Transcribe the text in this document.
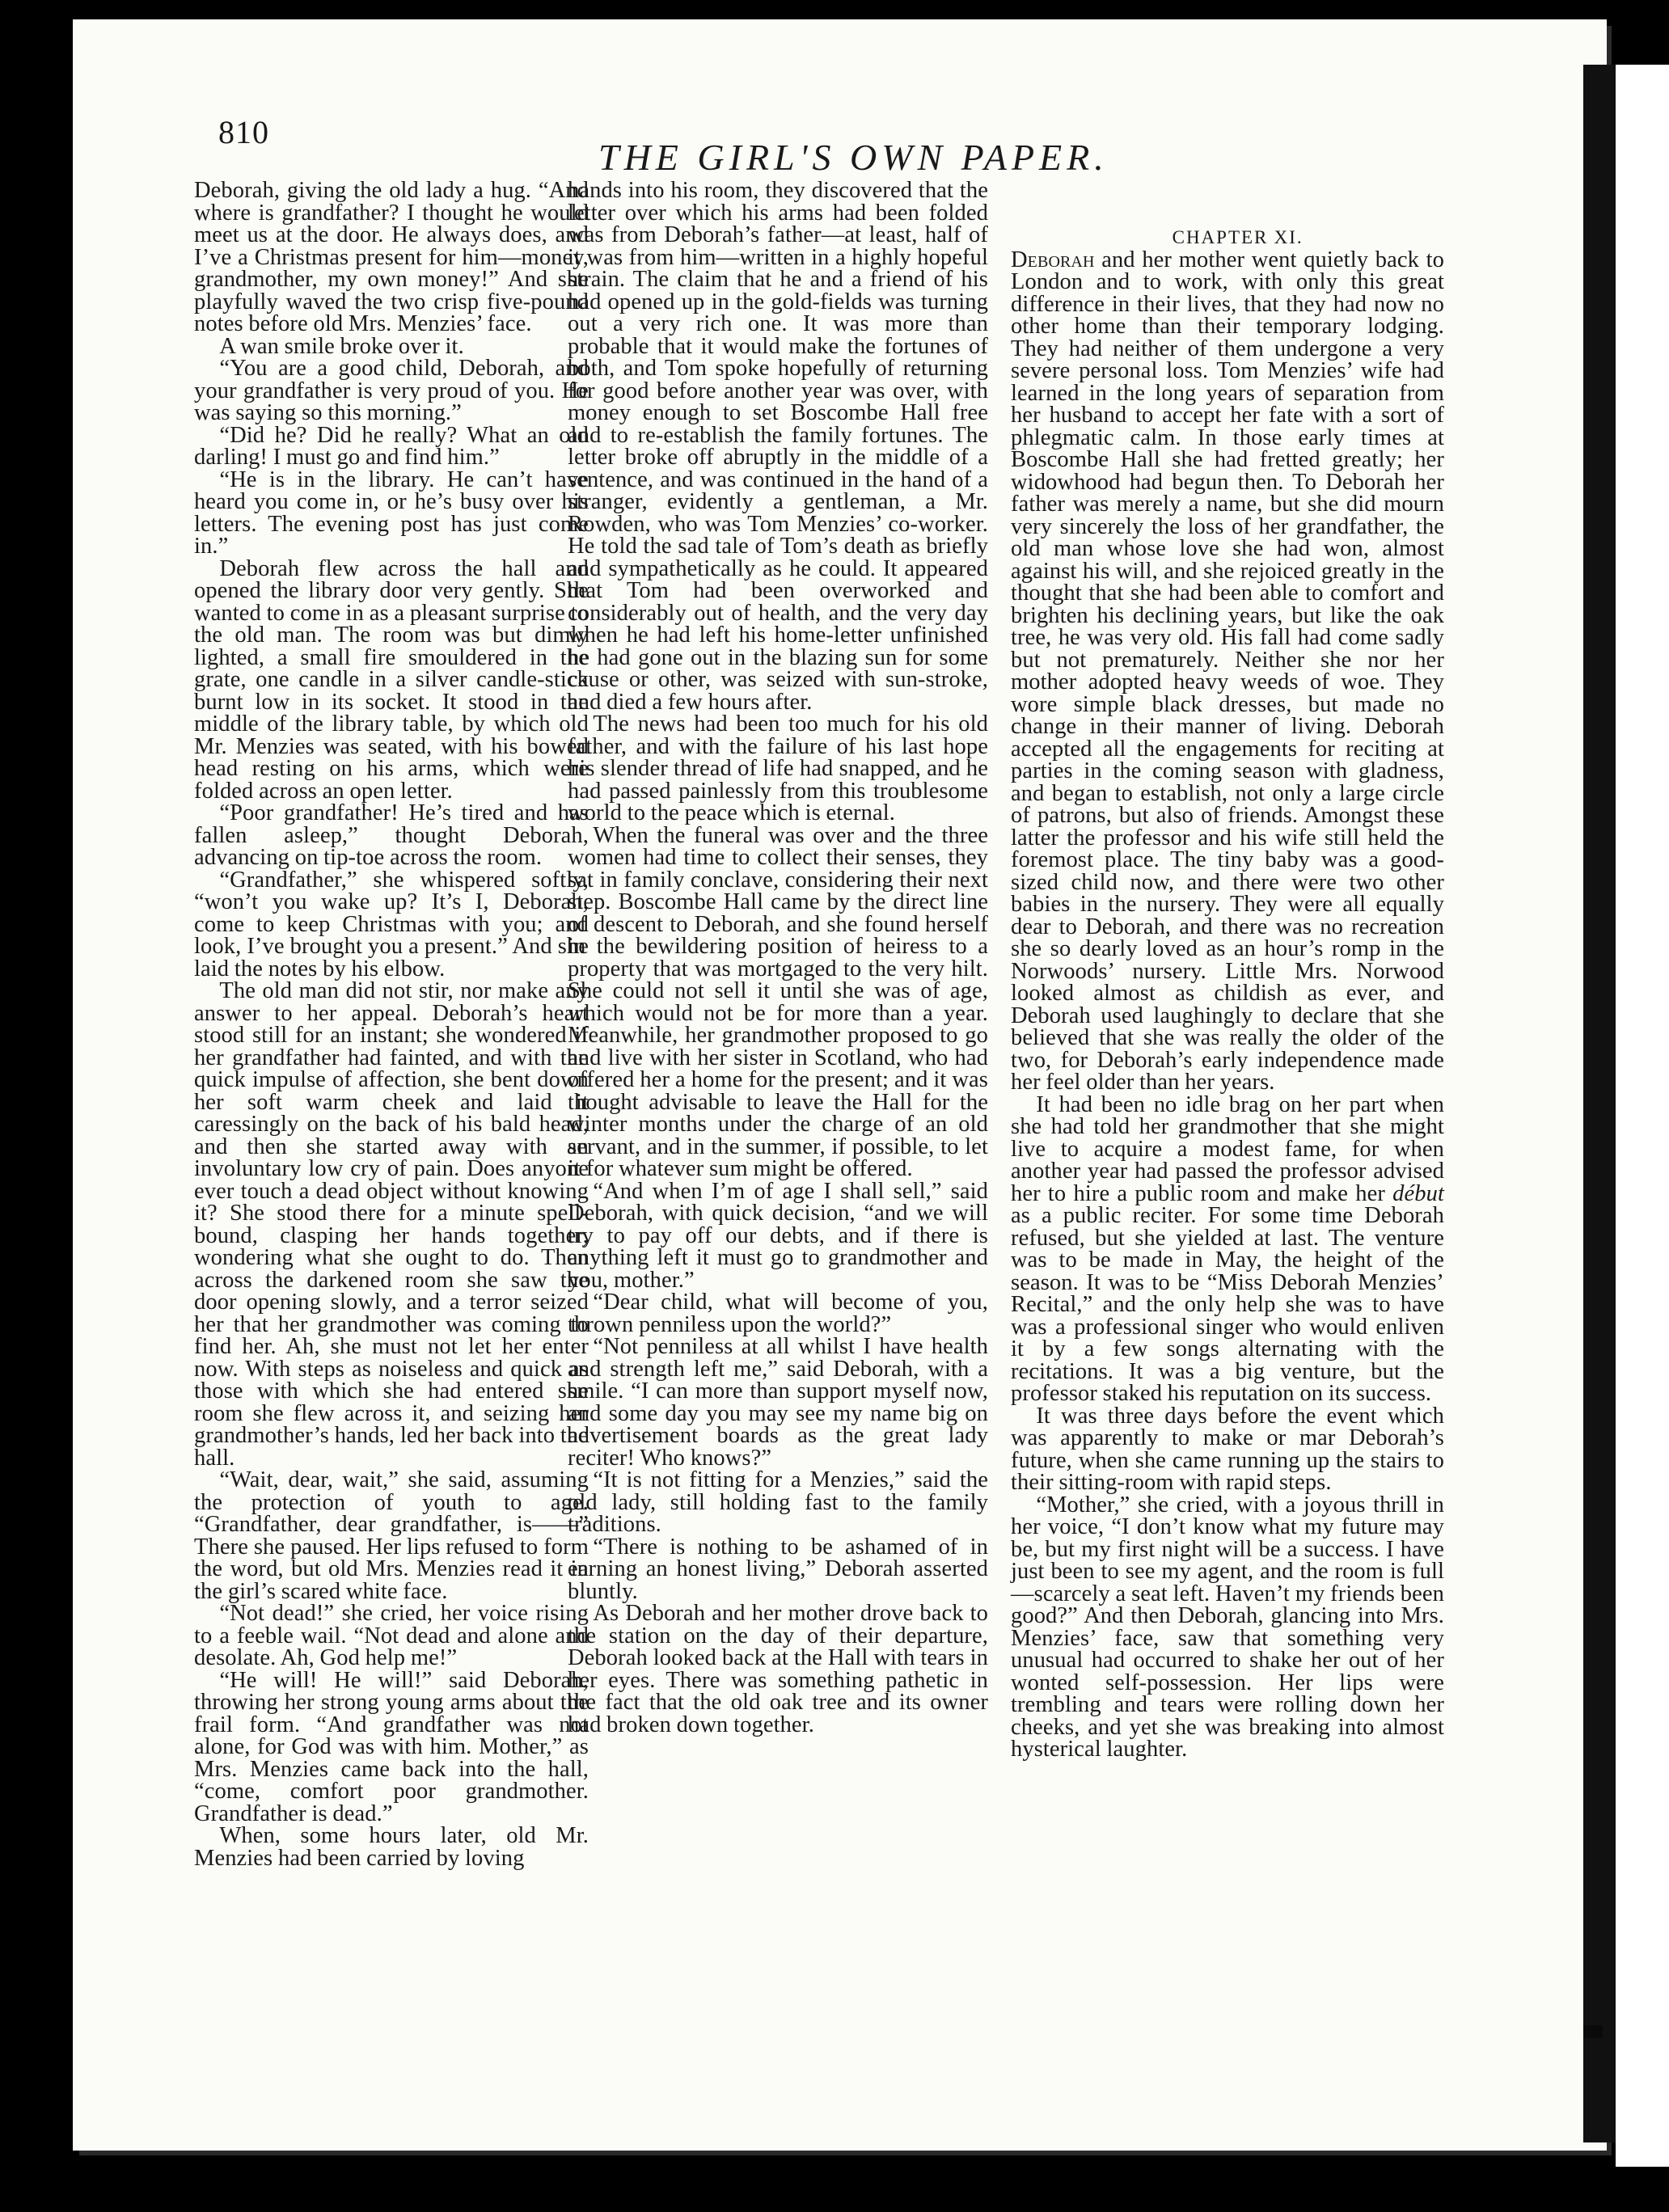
810
THE GIRL'S OWN PAPER.

Deborah, giving the old lady a hug. “And where is grandfather? I thought he would meet us at the door. He always does, and I’ve a Christmas present for him—money, grandmother, my own money!” And she playfully waved the two crisp five-pound notes before old Mrs. Menzies’ face.

A wan smile broke over it.

“You are a good child, Deborah, and your grandfather is very proud of you. He was saying so this morning.”

“Did he? Did he really? What an old darling! I must go and find him.”

“He is in the library. He can’t have heard you come in, or he’s busy over his letters. The evening post has just come in.”

Deborah flew across the hall and opened the library door very gently. She wanted to come in as a pleasant surprise to the old man. The room was but dimly lighted, a small fire smouldered in the grate, one candle in a silver candle-stick burnt low in its socket. It stood in the middle of the library table, by which old Mr. Menzies was seated, with his bowed head resting on his arms, which were folded across an open letter.

“Poor grandfather! He’s tired and has fallen asleep,” thought Deborah, advancing on tip-toe across the room.

“Grandfather,” she whispered softly, “won’t you wake up? It’s I, Deborah, come to keep Christmas with you; and look, I’ve brought you a present.” And she laid the notes by his elbow.

The old man did not stir, nor make any answer to her appeal. Deborah’s heart stood still for an instant; she wondered if her grandfather had fainted, and with the quick impulse of affection, she bent down her soft warm cheek and laid it caressingly on the back of his bald head, and then she started away with an involuntary low cry of pain. Does anyone ever touch a dead object without knowing it? She stood there for a minute spell-bound, clasping her hands together, wondering what she ought to do. Then across the darkened room she saw the door opening slowly, and a terror seized her that her grandmother was coming to find her. Ah, she must not let her enter now. With steps as noiseless and quick as those with which she had entered she room she flew across it, and seizing her grandmother’s hands, led her back into the hall.

“Wait, dear, wait,” she said, assuming the protection of youth to age. “Grandfather, dear grandfather, is——” There she paused. Her lips refused to form the word, but old Mrs. Menzies read it in the girl’s scared white face.

“Not dead!” she cried, her voice rising to a feeble wail. “Not dead and alone and desolate. Ah, God help me!”

“He will! He will!” said Deborah, throwing her strong young arms about the frail form. “And grandfather was not alone, for God was with him. Mother,” as Mrs. Menzies came back into the hall, “come, comfort poor grandmother. Grandfather is dead.”

When, some hours later, old Mr. Menzies had been carried by loving

hands into his room, they discovered that the letter over which his arms had been folded was from Deborah’s father—at least, half of it was from him—written in a highly hopeful strain. The claim that he and a friend of his had opened up in the gold-fields was turning out a very rich one. It was more than probable that it would make the fortunes of both, and Tom spoke hopefully of returning for good before another year was over, with money enough to set Boscombe Hall free and to re-establish the family fortunes. The letter broke off abruptly in the middle of a sentence, and was continued in the hand of a stranger, evidently a gentleman, a Mr. Rowden, who was Tom Menzies’ co-worker. He told the sad tale of Tom’s death as briefly and sympathetically as he could. It appeared that Tom had been overworked and considerably out of health, and the very day when he had left his home-letter unfinished he had gone out in the blazing sun for some cause or other, was seized with sun-stroke, and died a few hours after.

The news had been too much for his old father, and with the failure of his last hope his slender thread of life had snapped, and he had passed painlessly from this troublesome world to the peace which is eternal.

When the funeral was over and the three women had time to collect their senses, they sat in family conclave, considering their next step. Boscombe Hall came by the direct line of descent to Deborah, and she found herself in the bewildering position of heiress to a property that was mortgaged to the very hilt. She could not sell it until she was of age, which would not be for more than a year. Meanwhile, her grandmother proposed to go and live with her sister in Scotland, who had offered her a home for the present; and it was thought advisable to leave the Hall for the winter months under the charge of an old servant, and in the summer, if possible, to let it for whatever sum might be offered.

“And when I’m of age I shall sell,” said Deborah, with quick decision, “and we will try to pay off our debts, and if there is anything left it must go to grandmother and you, mother.”

“Dear child, what will become of you, thrown penniless upon the world?”

“Not penniless at all whilst I have health and strength left me,” said Deborah, with a smile. “I can more than support myself now, and some day you may see my name big on advertisement boards as the great lady reciter! Who knows?”

“It is not fitting for a Menzies,” said the old lady, still holding fast to the family traditions.

“There is nothing to be ashamed of in earning an honest living,” Deborah asserted bluntly.

As Deborah and her mother drove back to the station on the day of their departure, Deborah looked back at the Hall with tears in her eyes. There was something pathetic in the fact that the old oak tree and its owner had broken down together.

CHAPTER XI.

Deborah and her mother went quietly back to London and to work, with only this great difference in their lives, that they had now no other home than their temporary lodging. They had neither of them undergone a very severe personal loss. Tom Menzies’ wife had learned in the long years of separation from her husband to accept her fate with a sort of phlegmatic calm. In those early times at Boscombe Hall she had fretted greatly; her widowhood had begun then. To Deborah her father was merely a name, but she did mourn very sincerely the loss of her grandfather, the old man whose love she had won, almost against his will, and she rejoiced greatly in the thought that she had been able to comfort and brighten his declining years, but like the oak tree, he was very old. His fall had come sadly but not prematurely. Neither she nor her mother adopted heavy weeds of woe. They wore simple black dresses, but made no change in their manner of living. Deborah accepted all the engagements for reciting at parties in the coming season with gladness, and began to establish, not only a large circle of patrons, but also of friends. Amongst these latter the professor and his wife still held the foremost place. The tiny baby was a good-sized child now, and there were two other babies in the nursery. They were all equally dear to Deborah, and there was no recreation she so dearly loved as an hour’s romp in the Norwoods’ nursery. Little Mrs. Norwood looked almost as childish as ever, and Deborah used laughingly to declare that she believed that she was really the older of the two, for Deborah’s early independence made her feel older than her years.

It had been no idle brag on her part when she had told her grandmother that she might live to acquire a modest fame, for when another year had passed the professor advised her to hire a public room and make her début as a public reciter. For some time Deborah refused, but she yielded at last. The venture was to be made in May, the height of the season. It was to be “Miss Deborah Menzies’ Recital,” and the only help she was to have was a professional singer who would enliven it by a few songs alternating with the recitations. It was a big venture, but the professor staked his reputation on its success.

It was three days before the event which was apparently to make or mar Deborah’s future, when she came running up the stairs to their sitting-room with rapid steps.

“Mother,” she cried, with a joyous thrill in her voice, “I don’t know what my future may be, but my first night will be a success. I have just been to see my agent, and the room is full—scarcely a seat left. Haven’t my friends been good?” And then Deborah, glancing into Mrs. Menzies’ face, saw that something very unusual had occurred to shake her out of her wonted self-possession. Her lips were trembling and tears were rolling down her cheeks, and yet she was breaking into almost hysterical laughter.
